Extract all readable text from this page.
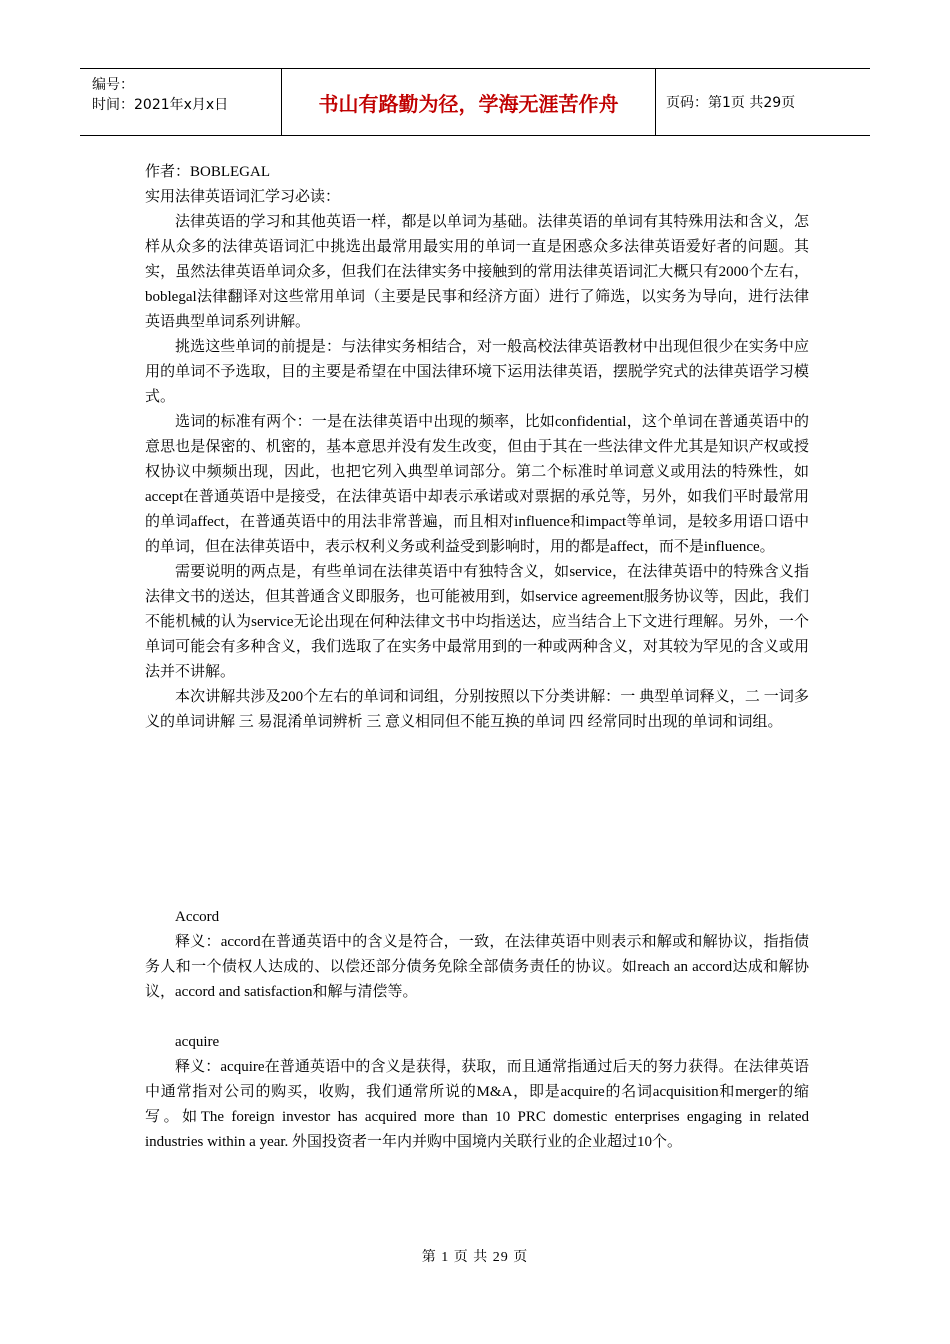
编号：
时间：2021年x月x日	书山有路勤为径，学海无涯苦作舟	页码：第1页 共29页

作者：BOBLEGAL

实用法律英语词汇学习必读：

法律英语的学习和其他英语一样，都是以单词为基础。法律英语的单词有其特殊用法和含义，怎样从众多的法律英语词汇中挑选出最常用最实用的单词一直是困惑众多法律英语爱好者的问题。其实，虽然法律英语单词众多，但我们在法律实务中接触到的常用法律英语词汇大概只有2000个左右，boblegal法律翻译对这些常用单词（主要是民事和经济方面）进行了筛选，以实务为导向，进行法律英语典型单词系列讲解。

挑选这些单词的前提是：与法律实务相结合，对一般高校法律英语教材中出现但很少在实务中应用的单词不予选取，目的主要是希望在中国法律环境下运用法律英语，摆脱学究式的法律英语学习模式。

选词的标准有两个：一是在法律英语中出现的频率，比如confidential，这个单词在普通英语中的意思也是保密的、机密的，基本意思并没有发生改变，但由于其在一些法律文件尤其是知识产权或授权协议中频频出现，因此，也把它列入典型单词部分。第二个标准时单词意义或用法的特殊性，如accept在普通英语中是接受，在法律英语中却表示承诺或对票据的承兑等，另外，如我们平时最常用的单词affect，在普通英语中的用法非常普遍，而且相对influence和impact等单词，是较多用语口语中的单词，但在法律英语中，表示权利义务或利益受到影响时，用的都是affect，而不是influence。

需要说明的两点是，有些单词在法律英语中有独特含义，如service，在法律英语中的特殊含义指法律文书的送达，但其普通含义即服务，也可能被用到，如service agreement服务协议等，因此，我们不能机械的认为service无论出现在何种法律文书中均指送达，应当结合上下文进行理解。另外，一个单词可能会有多种含义，我们选取了在实务中最常用到的一种或两种含义，对其较为罕见的含义或用法并不讲解。

本次讲解共涉及200个左右的单词和词组，分别按照以下分类讲解：一 典型单词释义，二 一词多义的单词讲解 三 易混淆单词辨析 三 意义相同但不能互换的单词 四 经常同时出现的单词和词组。

Accord

释义：accord在普通英语中的含义是符合，一致，在法律英语中则表示和解或和解协议，指指债务人和一个债权人达成的、以偿还部分债务免除全部债务责任的协议。如reach an accord达成和解协议，accord and satisfaction和解与清偿等。

acquire

释义：acquire在普通英语中的含义是获得，获取，而且通常指通过后天的努力获得。在法律英语中通常指对公司的购买，收购，我们通常所说的M&A，即是acquire的名词acquisition和merger的缩写。如The foreign investor has acquired more than 10 PRC domestic enterprises engaging in related industries within a year. 外国投资者一年内并购中国境内关联行业的企业超过10个。

第 1 页 共 29 页
